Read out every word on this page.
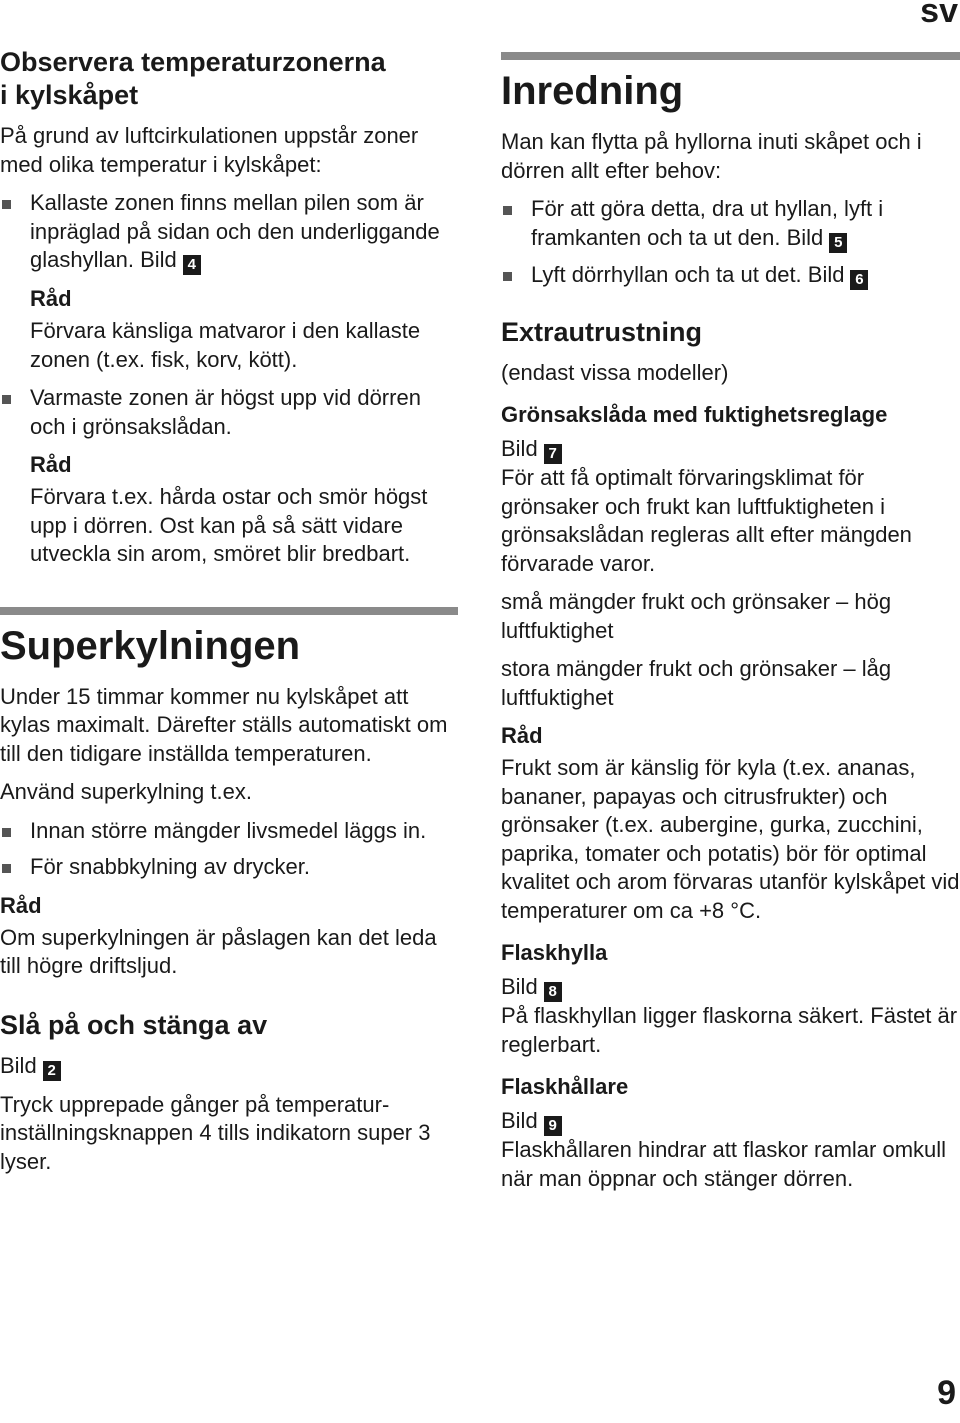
sv
Observera temperaturzonerna
i kylskåpet

På grund av luftcirkulationen uppstår zoner med olika temperatur i kylskåpet:

Kallaste zonen finns mellan pilen som är inpräglad på sidan och den underliggande glashyllan. Bild 4
Råd

Förvara känsliga matvaror i den kallaste zonen (t.ex. fisk, korv, kött).

Varmaste zonen är högst upp vid dörren och i grönsakslådan.
Råd

Förvara t.ex. hårda ostar och smör högst upp i dörren. Ost kan på så sätt vidare utveckla sin arom, smöret blir bredbart.

Superkylningen

Under 15 timmar kommer nu kylskåpet att kylas maximalt. Därefter ställs automatiskt om till den tidigare inställda temperaturen.

Använd superkylning t.ex.

Innan större mängder livsmedel läggs in.
För snabbkylning av drycker.
Råd

Om superkylningen är påslagen kan det leda till högre driftsljud.

Slå på och stänga av

Bild 2

Tryck upprepade gånger på temperatur-inställningsknappen 4 tills indikatorn super 3 lyser.

Inredning

Man kan flytta på hyllorna inuti skåpet och i dörren allt efter behov:

För att göra detta, dra ut hyllan, lyft i framkanten och ta ut den. Bild 5
Lyft dörrhyllan och ta ut det. Bild 6
Extrautrustning

(endast vissa modeller)

Grönsakslåda med fuktighetsreglage

Bild 7

För att få optimalt förvaringsklimat för grönsaker och frukt kan luftfuktigheten i grönsakslådan regleras allt efter mängden förvarade varor.

små mängder frukt och grönsaker – hög luftfuktighet

stora mängder frukt och grönsaker – låg luftfuktighet

Råd

Frukt som är känslig för kyla (t.ex. ananas, bananer, papayas och citrusfrukter) och grönsaker (t.ex. aubergine, gurka, zucchini, paprika, tomater och potatis) bör för optimal kvalitet och arom förvaras utanför kylskåpet vid temperaturer om ca +8 °C.

Flaskhylla

Bild 8

På flaskhyllan ligger flaskorna säkert. Fästet är reglerbart.

Flaskhållare

Bild 9

Flaskhållaren hindrar att flaskor ramlar omkull när man öppnar och stänger dörren.

9
